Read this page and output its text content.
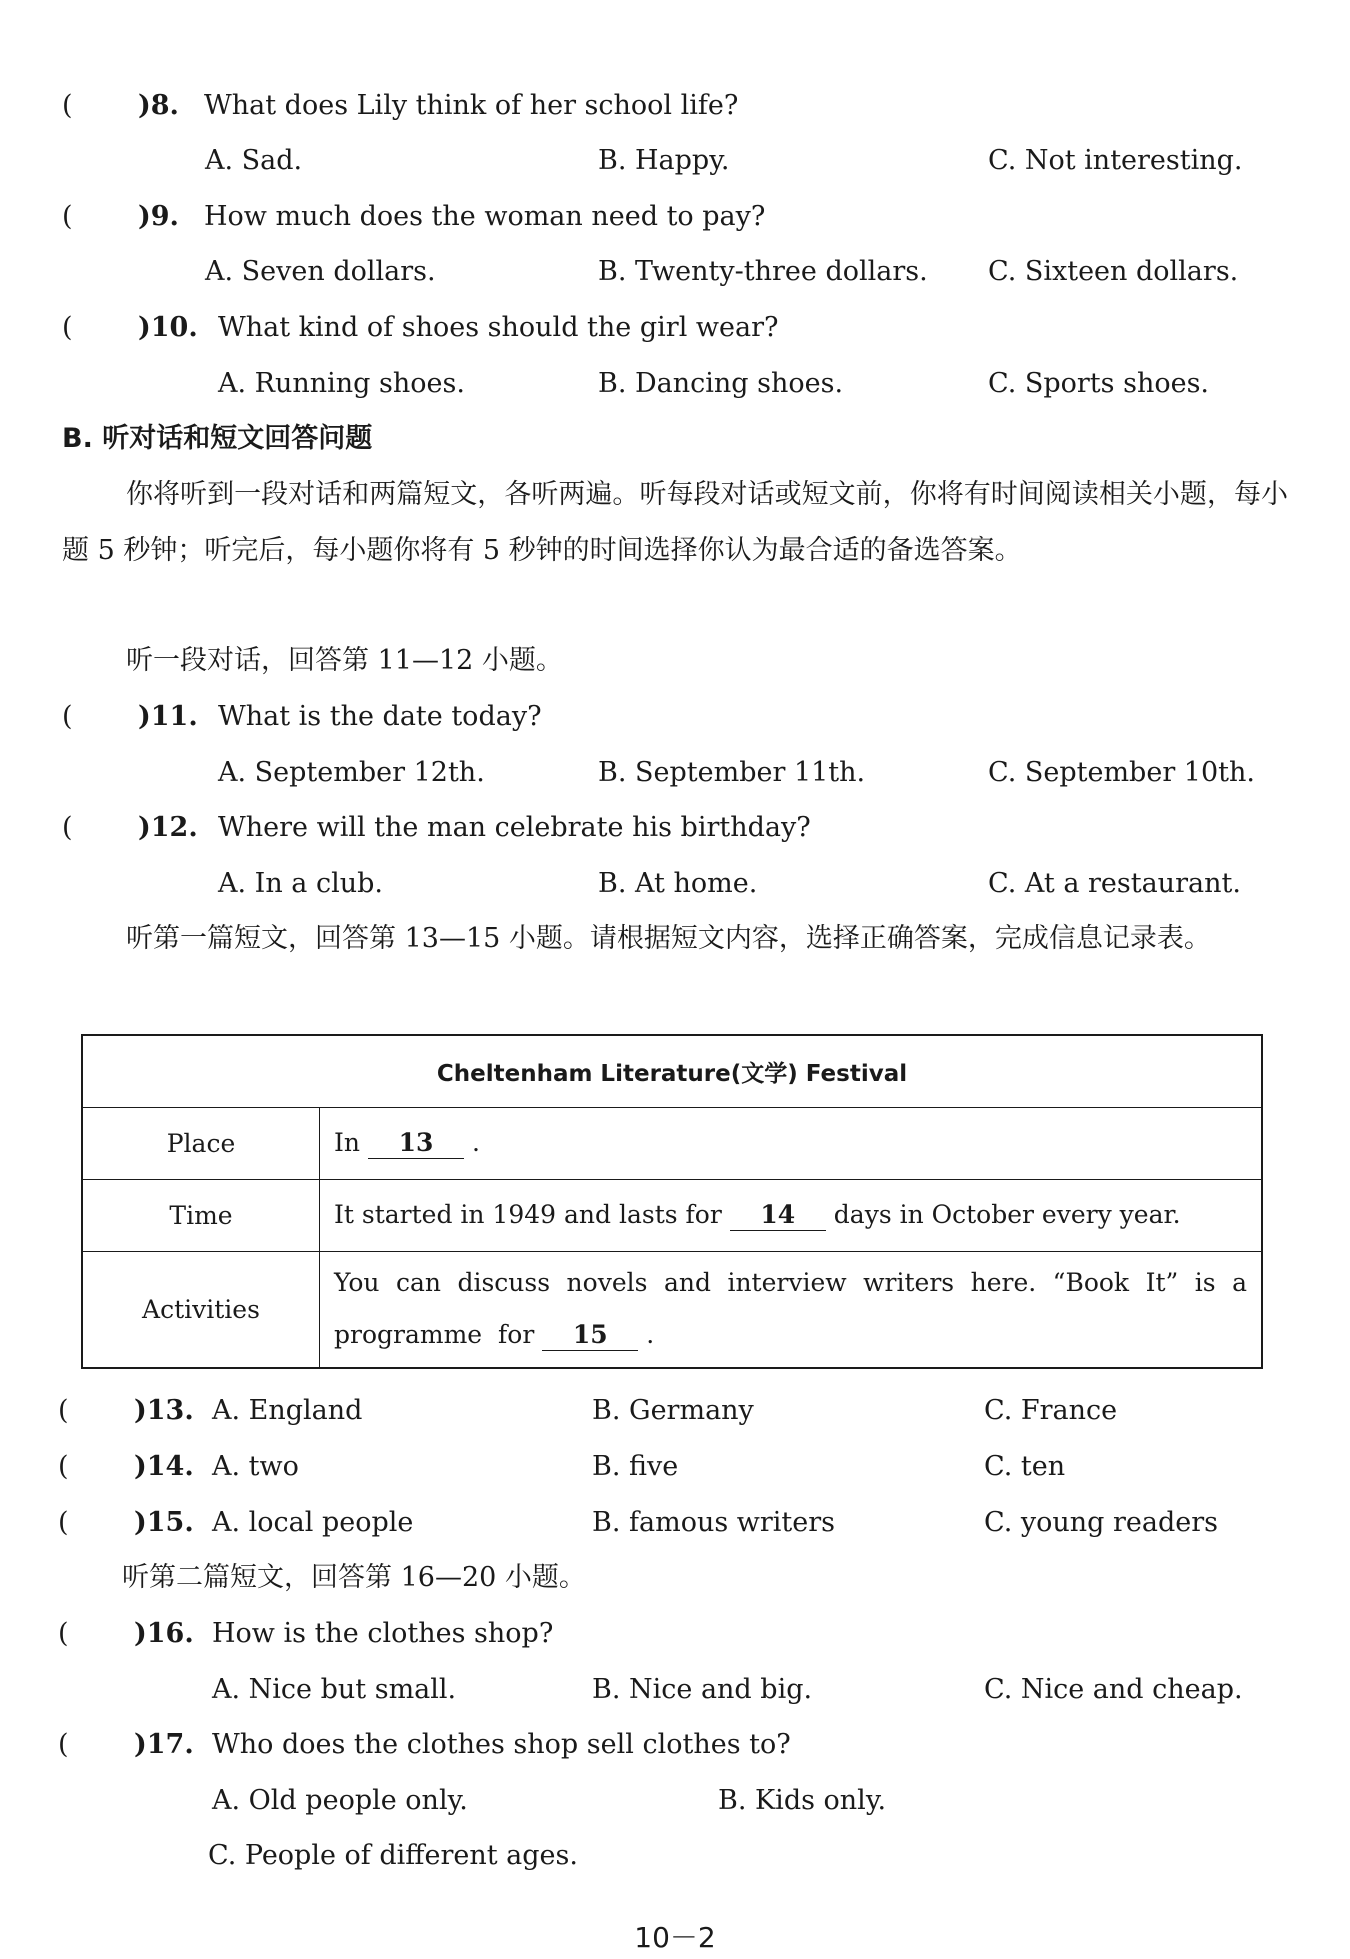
( )8. What does Lily think of her school life?
A. Sad.	B. Happy.	C. Not interesting.
( )9. How much does the woman need to pay?
A. Seven dollars.	B. Twenty-three dollars. C. Sixteen dollars.
( )10. What kind of shoes should the girl wear?
A. Running shoes.	B. Dancing shoes.	C. Sports shoes.
B. 听对话和短文回答问题
你将听到一段对话和两篇短文，各听两遍。听每段对话或短文前，你将有时间阅读相关小题，每小题 5 秒钟；听完后，每小题你将有 5 秒钟的时间选择你认为最合适的备选答案。
听一段对话，回答第 11—12 小题。
( )11. What is the date today?
A. September 12th.	B. September 11th.	C. September 10th.
( )12. Where will the man celebrate his birthday?
A. In a club.	B. At home.	C. At a restaurant.
听第一篇短文，回答第 13—15 小题。请根据短文内容，选择正确答案，完成信息记录表。
Cheltenham Literature(文学) Festival	
Place	In 13 .
Time	It started in 1949 and lasts for 14 days in October every year.
Activities	You can discuss novels and interview writers here. “Book It” is a programme for 15 .
( )13. A. England	B. Germany	C. France
( )14. A. two	B. five	C. ten
( )15. A. local people	B. famous writers	C. young readers
听第二篇短文，回答第 16—20 小题。
( )16. How is the clothes shop?
A. Nice but small.	B. Nice and big.	C. Nice and cheap.
( )17. Who does the clothes shop sell clothes to?
A. Old people only.	B. Kids only.
C. People of different ages.
10－2
